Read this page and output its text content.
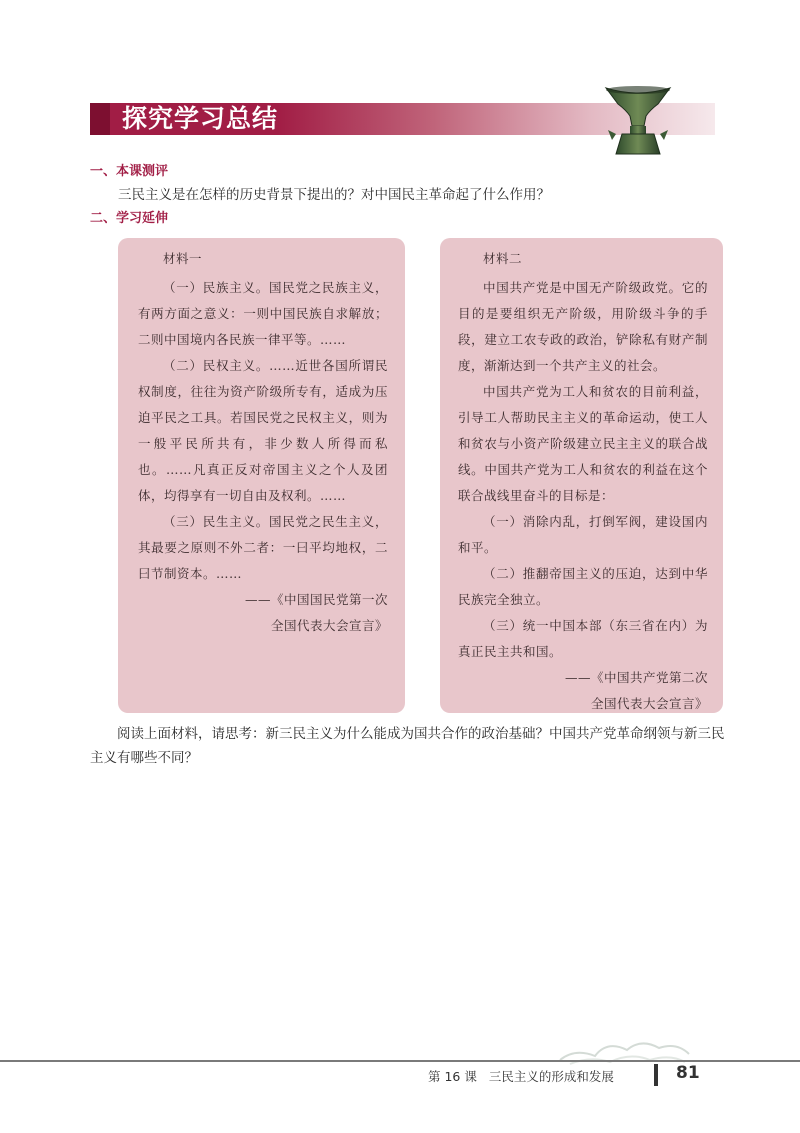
探究学习总结
一、本课测评
三民主义是在怎样的历史背景下提出的？对中国民主革命起了什么作用？
二、学习延伸

材料一

（一）民族主义。国民党之民族主义，有两方面之意义：一则中国民族自求解放；二则中国境内各民族一律平等。……

（二）民权主义。……近世各国所谓民权制度，往往为资产阶级所专有，适成为压迫平民之工具。若国民党之民权主义，则为一般平民所共有，非少数人所得而私也。……凡真正反对帝国主义之个人及团体，均得享有一切自由及权利。……

（三）民生主义。国民党之民生主义，其最要之原则不外二者：一曰平均地权，二曰节制资本。……

——《中国国民党第一次

全国代表大会宣言》

材料二

中国共产党是中国无产阶级政党。它的目的是要组织无产阶级，用阶级斗争的手段，建立工农专政的政治，铲除私有财产制度，渐渐达到一个共产主义的社会。

中国共产党为工人和贫农的目前利益，引导工人帮助民主主义的革命运动，使工人和贫农与小资产阶级建立民主主义的联合战线。中国共产党为工人和贫农的利益在这个联合战线里奋斗的目标是：

（一）消除内乱，打倒军阀，建设国内和平。

（二）推翻帝国主义的压迫，达到中华民族完全独立。

（三）统一中国本部（东三省在内）为真正民主共和国。

——《中国共产党第二次

全国代表大会宣言》

阅读上面材料，请思考：新三民主义为什么能成为国共合作的政治基础？中国共产党革命纲领与新三民主义有哪些不同？
第 16 课 三民主义的形成和发展	81
